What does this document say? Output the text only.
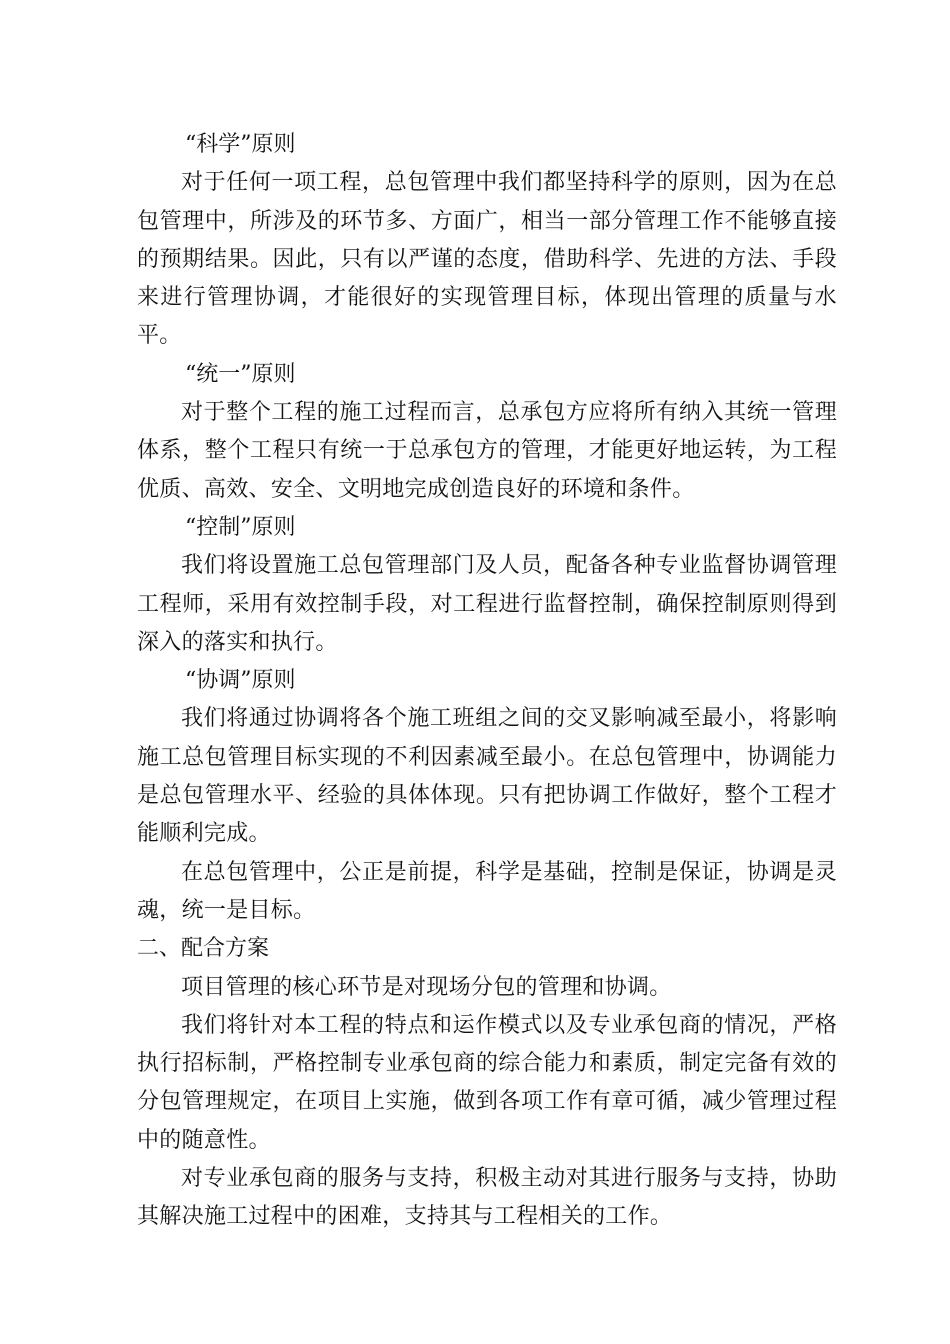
“科学”原则

对于任何一项工程，总包管理中我们都坚持科学的原则，因为在总包管理中，所涉及的环节多、方面广，相当一部分管理工作不能够直接的预期结果。因此，只有以严谨的态度，借助科学、先进的方法、手段来进行管理协调，才能很好的实现管理目标，体现出管理的质量与水平。

“统一”原则

对于整个工程的施工过程而言，总承包方应将所有纳入其统一管理体系，整个工程只有统一于总承包方的管理，才能更好地运转，为工程优质、高效、安全、文明地完成创造良好的环境和条件。

“控制”原则

我们将设置施工总包管理部门及人员，配备各种专业监督协调管理工程师，采用有效控制手段，对工程进行监督控制，确保控制原则得到深入的落实和执行。

“协调”原则

我们将通过协调将各个施工班组之间的交叉影响减至最小，将影响施工总包管理目标实现的不利因素减至最小。在总包管理中，协调能力是总包管理水平、经验的具体体现。只有把协调工作做好，整个工程才能顺利完成。

在总包管理中，公正是前提，科学是基础，控制是保证，协调是灵魂，统一是目标。

二、配合方案

项目管理的核心环节是对现场分包的管理和协调。

我们将针对本工程的特点和运作模式以及专业承包商的情况，严格执行招标制，严格控制专业承包商的综合能力和素质，制定完备有效的分包管理规定，在项目上实施，做到各项工作有章可循，减少管理过程中的随意性。

对专业承包商的服务与支持，积极主动对其进行服务与支持，协助其解决施工过程中的困难，支持其与工程相关的工作。
